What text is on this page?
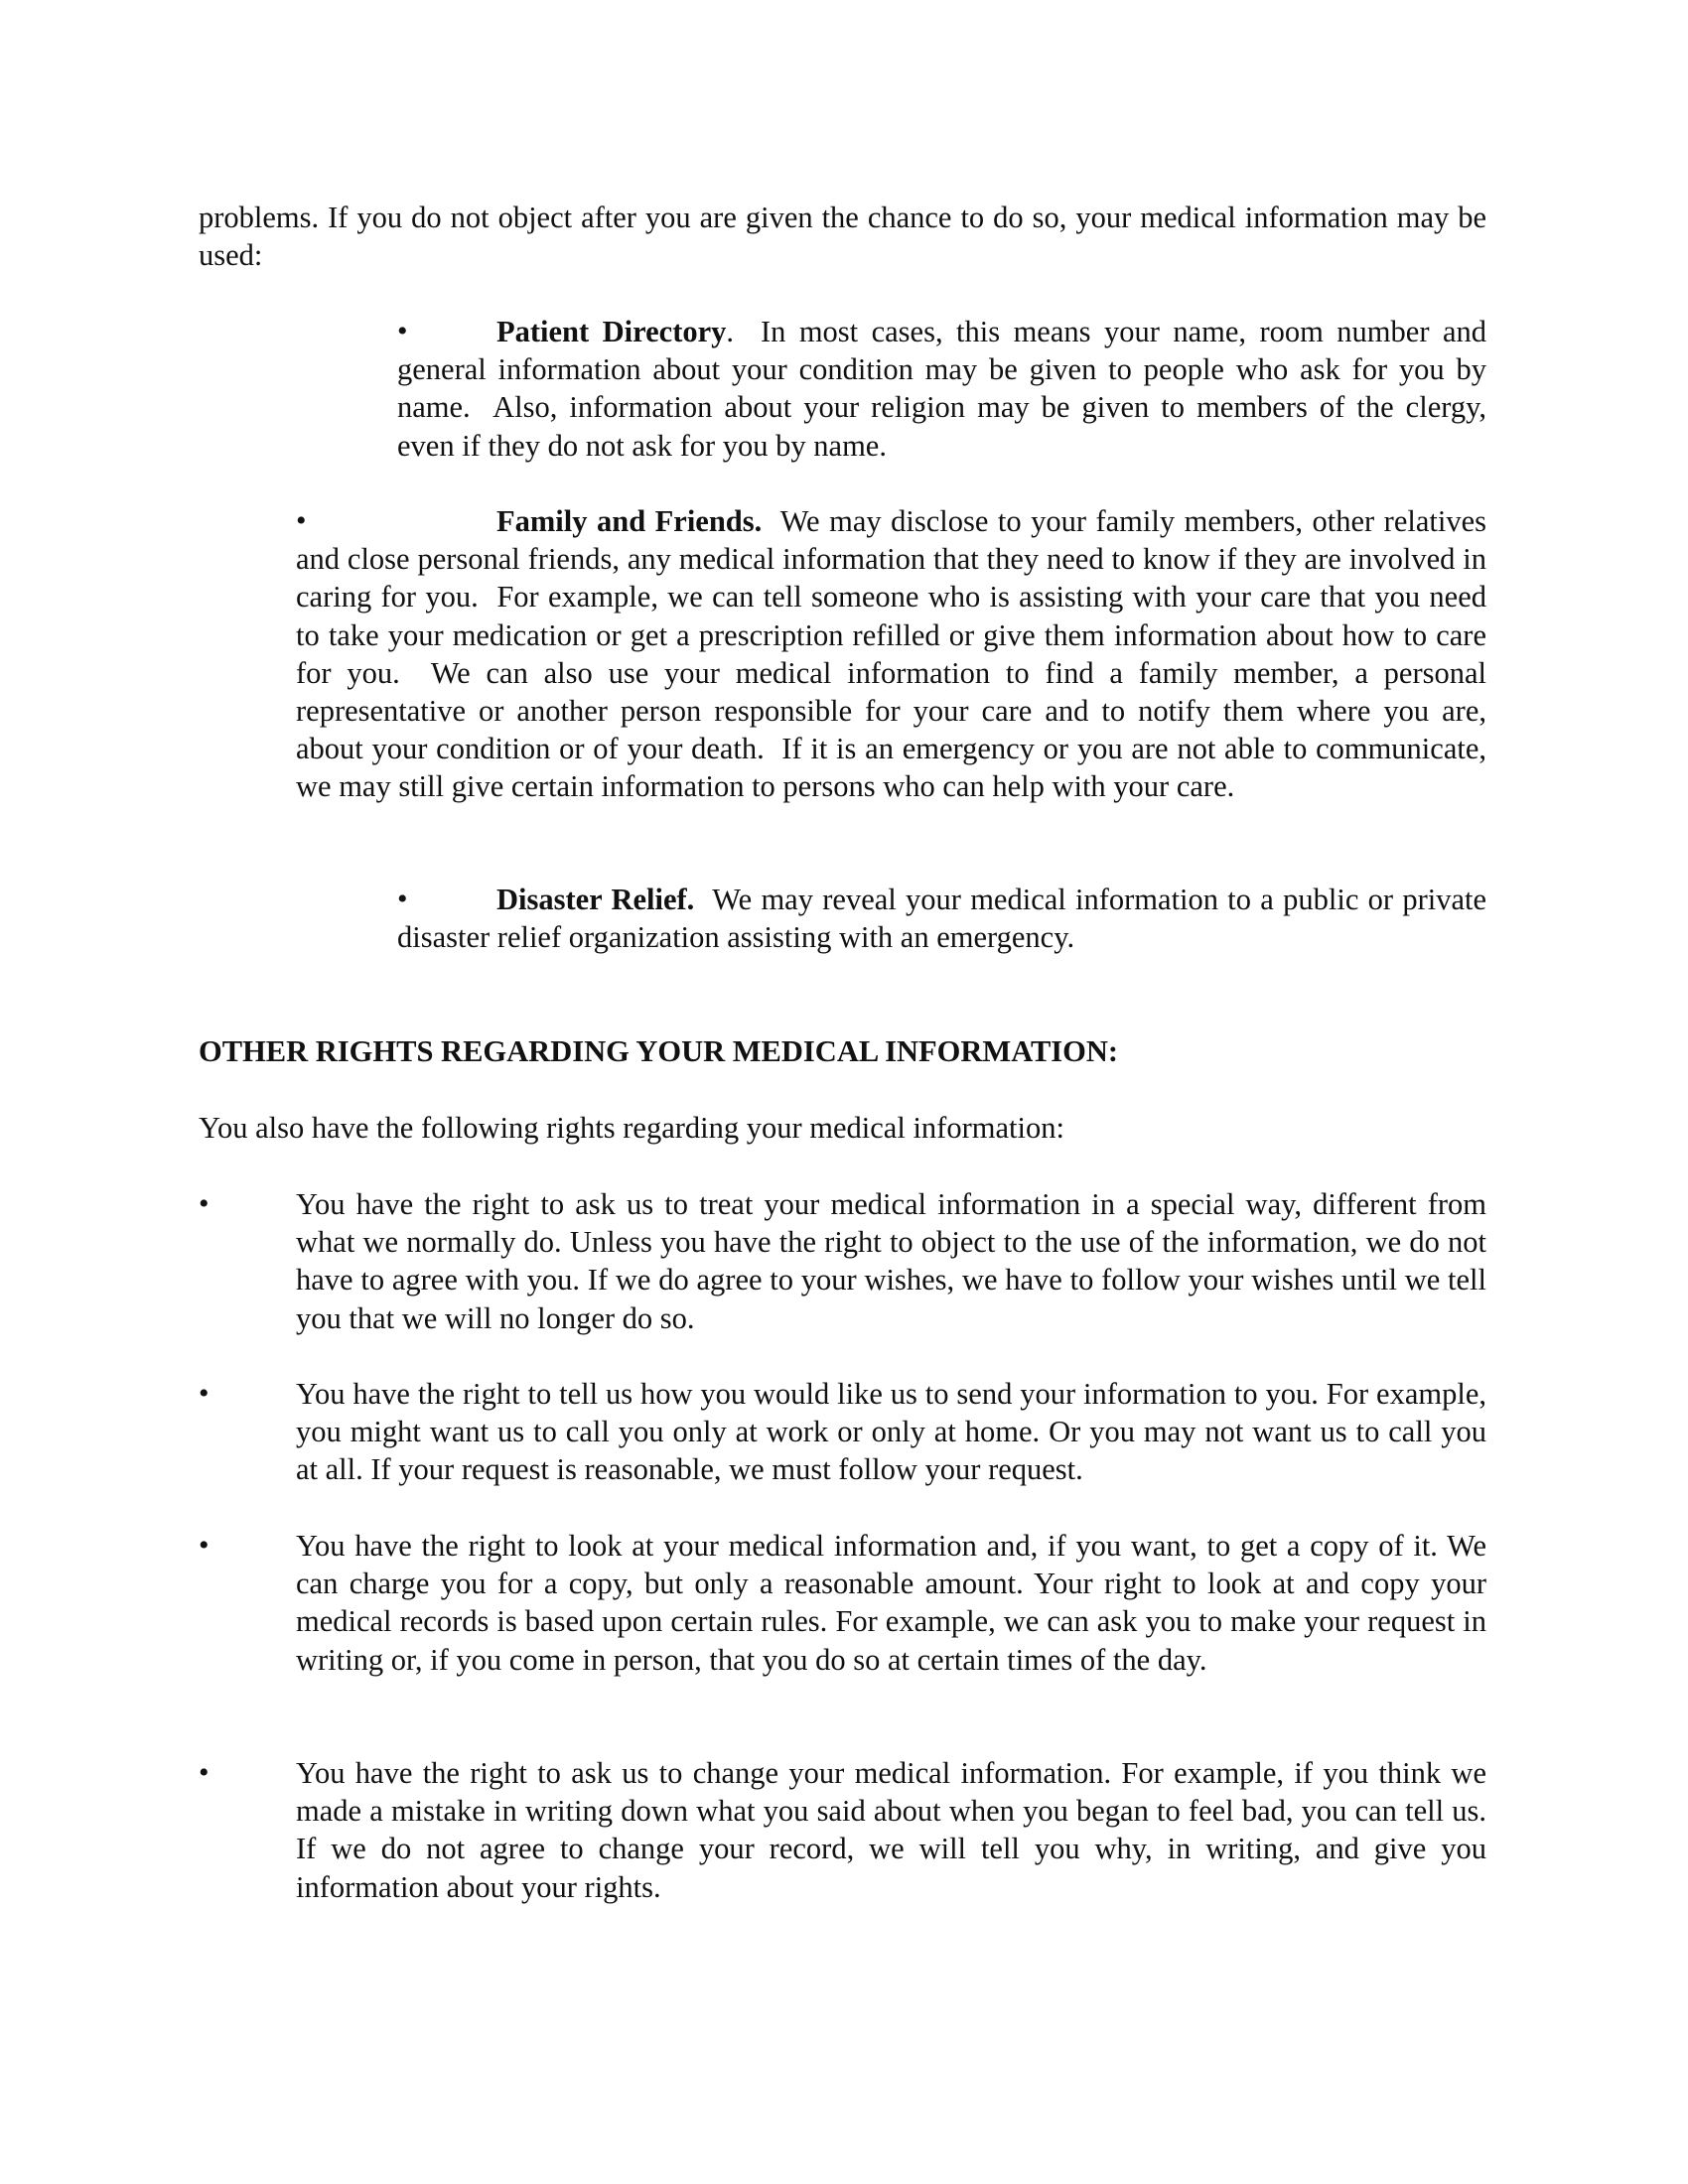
problems. If you do not object after you are given the chance to do so, your medical information may be used:

•	Patient Directory.  In most cases, this means your name, room number and general information about your condition may be given to people who ask for you by name.  Also, information about your religion may be given to members of the clergy, even if they do not ask for you by name.

•	Family and Friends.  We may disclose to your family members, other relatives and close personal friends, any medical information that they need to know if they are involved in caring for you.  For example, we can tell someone who is assisting with your care that you need to take your medication or get a prescription refilled or give them information about how to care for you.  We can also use your medical information to find a family member, a personal representative or another person responsible for your care and to notify them where you are, about your condition or of your death.  If it is an emergency or you are not able to communicate, we may still give certain information to persons who can help with your care.

•	Disaster Relief.  We may reveal your medical information to a public or private disaster relief organization assisting with an emergency.

OTHER RIGHTS REGARDING YOUR MEDICAL INFORMATION:

You also have the following rights regarding your medical information:

•	You have the right to ask us to treat your medical information in a special way, different from what we normally do. Unless you have the right to object to the use of the information, we do not have to agree with you. If we do agree to your wishes, we have to follow your wishes until we tell you that we will no longer do so.

•	You have the right to tell us how you would like us to send your information to you. For example, you might want us to call you only at work or only at home. Or you may not want us to call you at all. If your request is reasonable, we must follow your request.

•	You have the right to look at your medical information and, if you want, to get a copy of it. We can charge you for a copy, but only a reasonable amount. Your right to look at and copy your medical records is based upon certain rules. For example, we can ask you to make your request in writing or, if you come in person, that you do so at certain times of the day.

•	You have the right to ask us to change your medical information. For example, if you think we made a mistake in writing down what you said about when you began to feel bad, you can tell us. If we do not agree to change your record, we will tell you why, in writing, and give you information about your rights.
